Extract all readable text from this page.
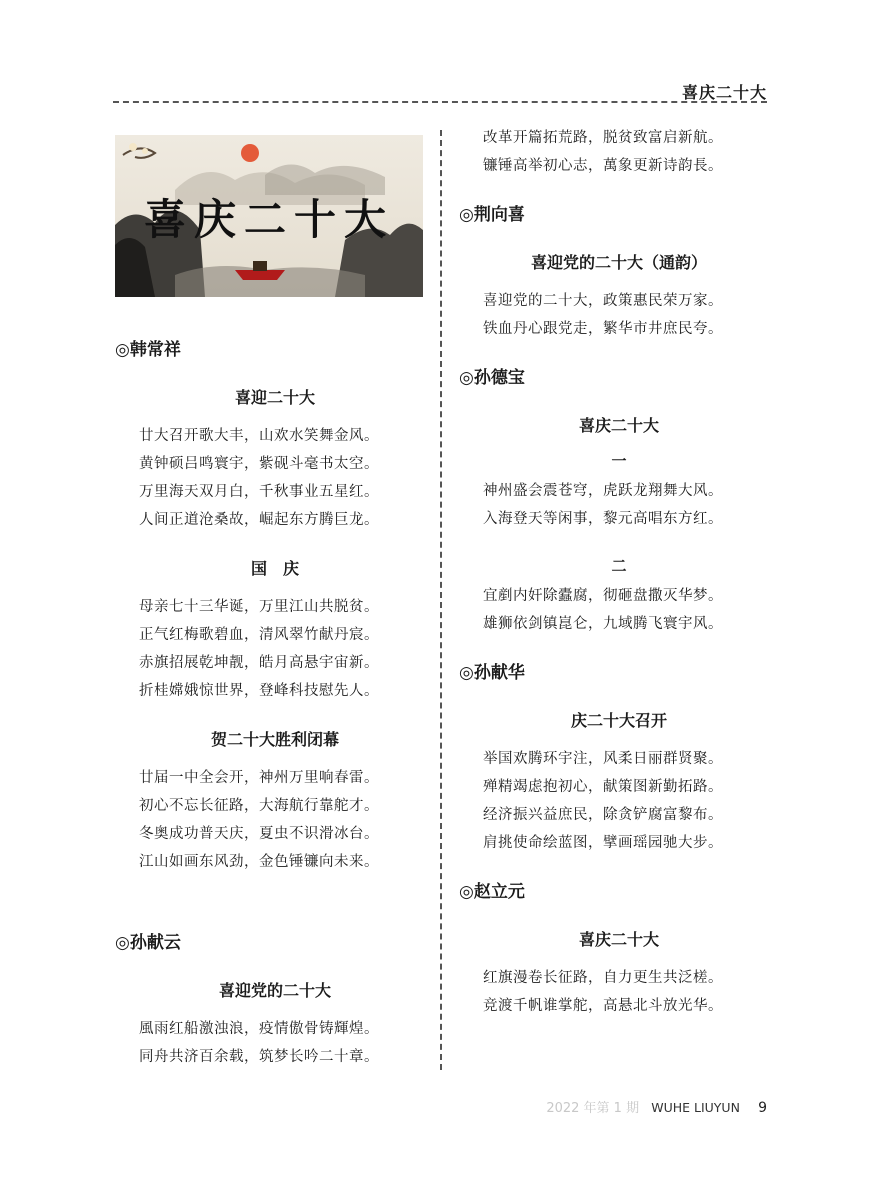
喜庆二十大
喜庆二十大
◎韩常祥
喜迎二十大
廿大召开歌大丰，山欢水笑舞金风。
黄钟硕吕鸣寰宇，紫砚斗毫书太空。
万里海天双月白，千秋事业五星红。
人间正道沧桑故，崛起东方腾巨龙。
国　庆
母亲七十三华诞，万里江山共脱贫。
正气红梅歌碧血，清风翠竹献丹宸。
赤旗招展乾坤靓，皓月高悬宇宙新。
折桂嫦娥惊世界，登峰科技慰先人。
贺二十大胜利闭幕
廿届一中全会开，神州万里响春雷。
初心不忘长征路，大海航行靠舵才。
冬奥成功普天庆，夏虫不识滑冰台。
江山如画东风劲，金色锤镰向未来。
◎孙献云
喜迎党的二十大
風雨红船激浊浪，疫情傲骨铸輝煌。
同舟共济百余载，筑梦长吟二十章。
改革开篇拓荒路，脱贫致富启新航。
镰锤高举初心志，萬象更新诗韵長。
◎荆向喜
喜迎党的二十大（通韵）
喜迎党的二十大，政策惠民荣万家。
铁血丹心跟党走，繁华市井庶民夸。
◎孙德宝
喜庆二十大
一
神州盛会震苍穹，虎跃龙翔舞大风。
入海登天等闲事，黎元高唱东方红。
二
宜剷内奸除蠹腐，彻砸盘撒灭华梦。
雄狮依剑镇崑仑，九域腾飞寰宇风。
◎孙献华
庆二十大召开
举国欢腾环宇注，风柔日丽群贤聚。
殚精竭虑抱初心，献策图新勤拓路。
经济振兴益庶民，除贪铲腐富黎布。
肩挑使命绘蓝图，擘画瑶园驰大步。
◎赵立元
喜庆二十大
红旗漫卷长征路，自力更生共泛槎。
竞渡千帆谁掌舵，高悬北斗放光华。
2022 年第 1 期 WUHE LIUYUN 9
